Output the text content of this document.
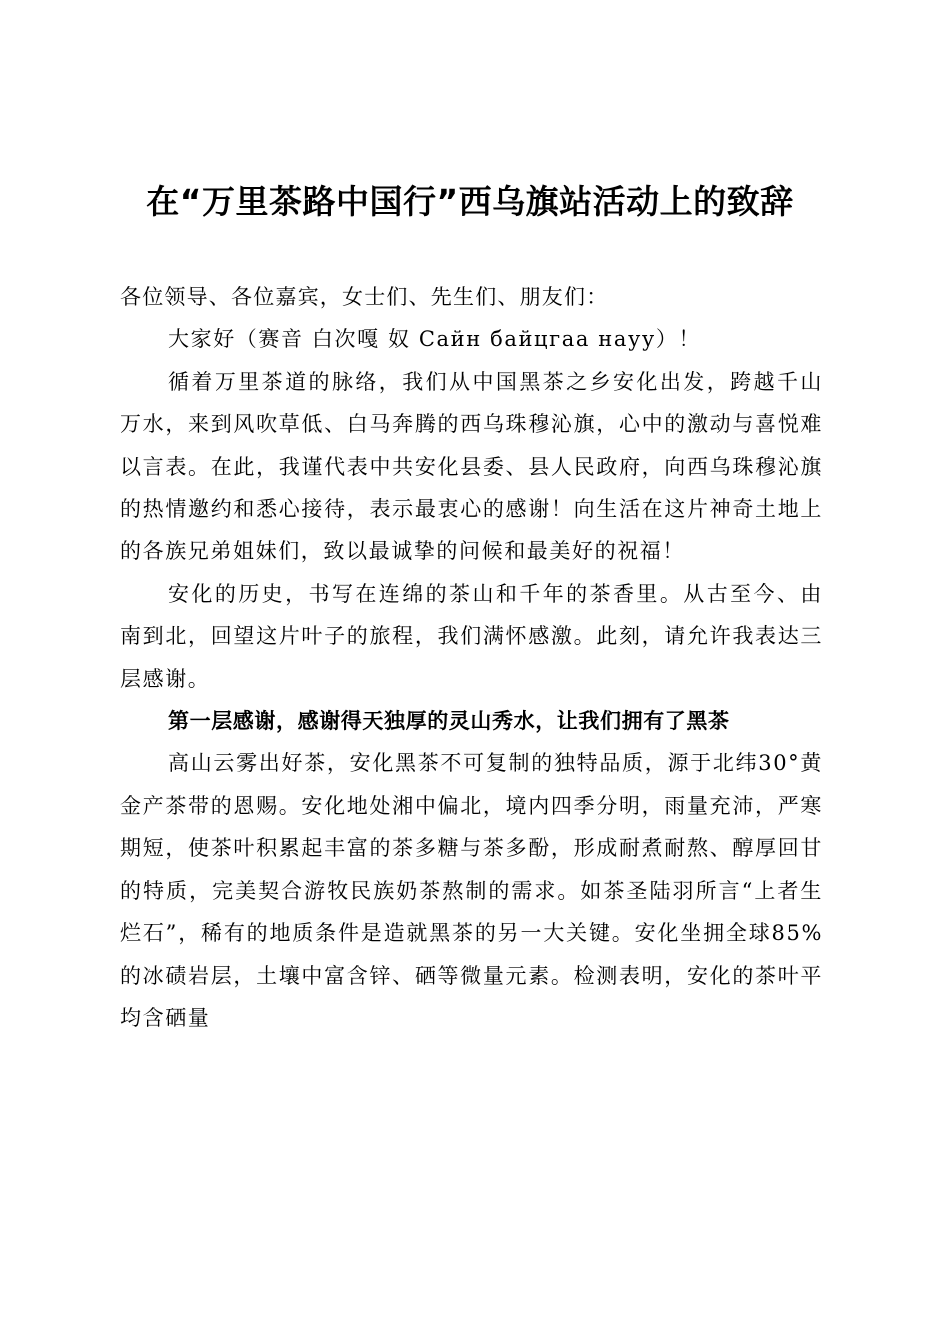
在“万里茶路中国行”西乌旗站活动上的致辞

各位领导、各位嘉宾，女士们、先生们、朋友们：

大家好（赛音 白次嘎 奴 Сайн байцгаа науу）！

循着万里茶道的脉络，我们从中国黑茶之乡安化出发，跨越千山万水，来到风吹草低、白马奔腾的西乌珠穆沁旗，心中的激动与喜悦难以言表。在此，我谨代表中共安化县委、县人民政府，向西乌珠穆沁旗的热情邀约和悉心接待，表示最衷心的感谢！向生活在这片神奇土地上的各族兄弟姐妹们，致以最诚挚的问候和最美好的祝福！

安化的历史，书写在连绵的茶山和千年的茶香里。从古至今、由南到北，回望这片叶子的旅程，我们满怀感激。此刻，请允许我表达三层感谢。

第一层感谢，感谢得天独厚的灵山秀水，让我们拥有了黑茶

高山云雾出好茶，安化黑茶不可复制的独特品质，源于北纬30°黄金产茶带的恩赐。安化地处湘中偏北，境内四季分明，雨量充沛，严寒期短，使茶叶积累起丰富的茶多糖与茶多酚，形成耐煮耐熬、醇厚回甘的特质，完美契合游牧民族奶茶熬制的需求。如茶圣陆羽所言“上者生烂石”，稀有的地质条件是造就黑茶的另一大关键。安化坐拥全球85%的冰碛岩层，土壤中富含锌、硒等微量元素。检测表明，安化的茶叶平均含硒量
